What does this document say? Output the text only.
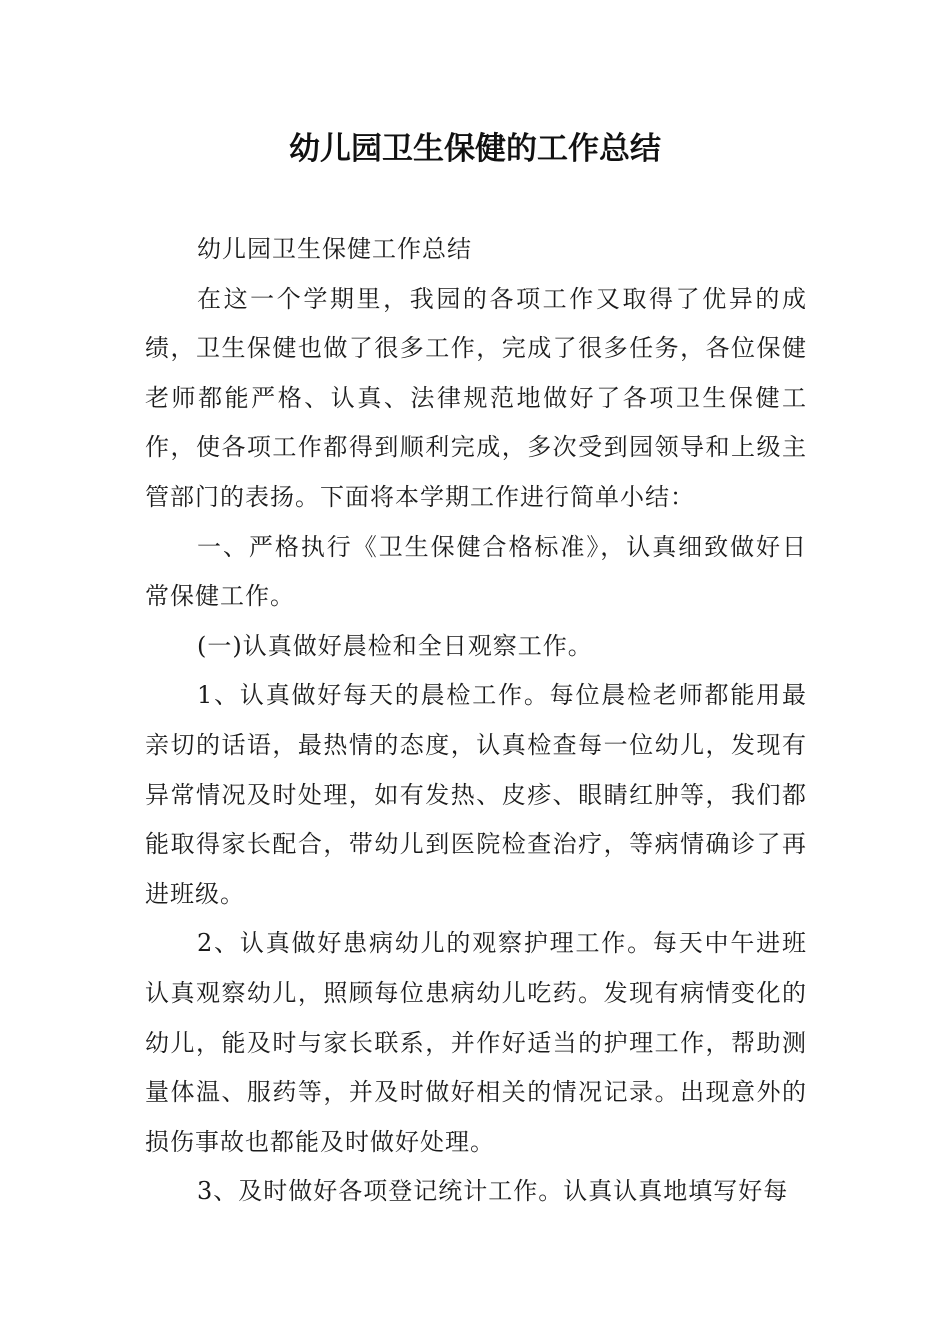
幼儿园卫生保健的工作总结

幼儿园卫生保健工作总结

在这一个学期里，我园的各项工作又取得了优异的成绩，卫生保健也做了很多工作，完成了很多任务，各位保健老师都能严格、认真、法律规范地做好了各项卫生保健工作，使各项工作都得到顺利完成，多次受到园领导和上级主管部门的表扬。下面将本学期工作进行简单小结：

一、严格执行《卫生保健合格标准》，认真细致做好日常保健工作。

(一)认真做好晨检和全日观察工作。

1、认真做好每天的晨检工作。每位晨检老师都能用最亲切的话语，最热情的态度，认真检查每一位幼儿，发现有异常情况及时处理，如有发热、皮疹、眼睛红肿等，我们都能取得家长配合，带幼儿到医院检查治疗，等病情确诊了再进班级。

2、认真做好患病幼儿的观察护理工作。每天中午进班认真观察幼儿，照顾每位患病幼儿吃药。发现有病情变化的幼儿，能及时与家长联系，并作好适当的护理工作，帮助测量体温、服药等，并及时做好相关的情况记录。出现意外的损伤事故也都能及时做好处理。

3、及时做好各项登记统计工作。认真认真地填写好每
